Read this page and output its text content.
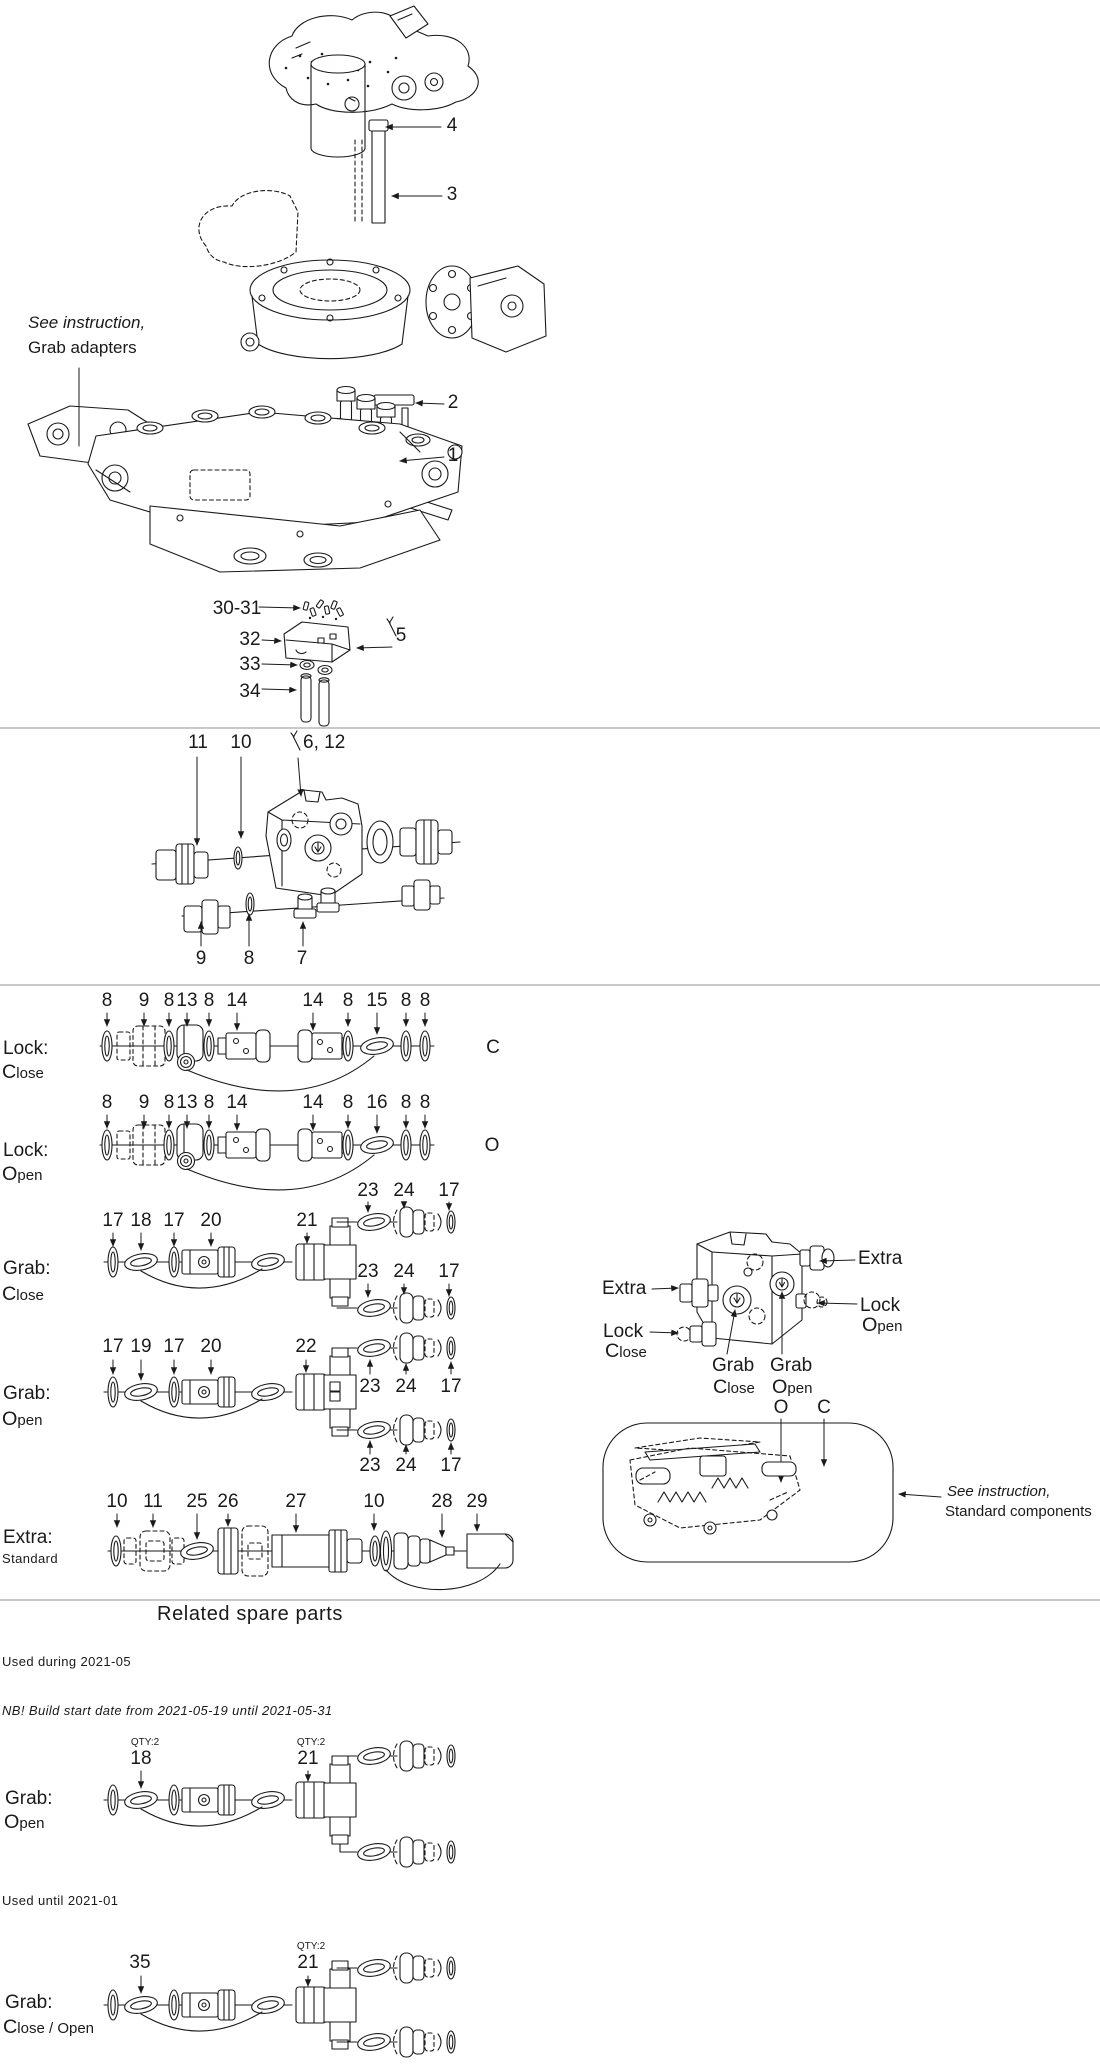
See instruction,
Grab adapters
4
3
2
1
30-31
32
33
34
5
11 10	6, 12
9 8 7
8 9 8 13 8 14	14 8 15 8 8
Lock:
Close
C
8 9 8 13 8 14	14 8 16 8 8
Lock:
Open
O
23 24 17
17 18 17 20	21
23 24 17
Grab:
Close
17 19 17 20	22
23 24 17
23 24 17
Grab:
Open
10 11 25 26 27	10 28 29
Extra:
Standard
Extra
Extra
Lock
Open
Lock
Close
Grab
Close
Grab
Open
O C
See instruction,
Standard components
Related spare parts
Used during 2021-05
NB! Build start date from 2021-05-19 until 2021-05-31
QTY:2
18
QTY:2
21
Grab:
Open
Used until 2021-01
35
QTY:2
21
Grab:
Close / Open
